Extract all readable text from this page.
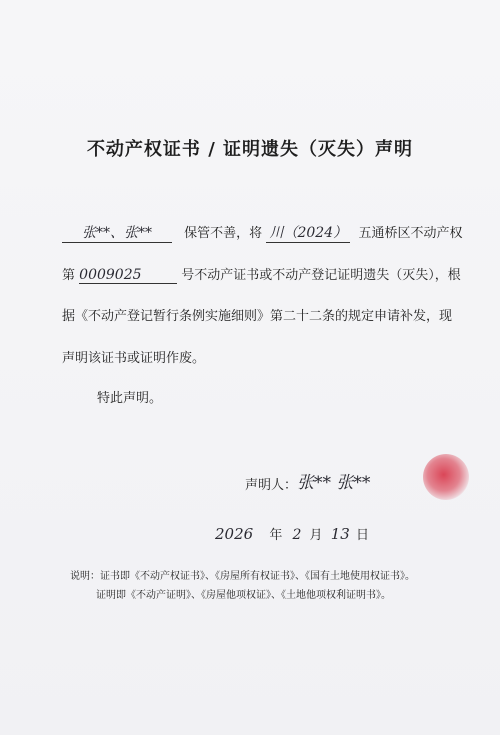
不动产权证书 / 证明遗失（灭失）声明
张**、张** 保管不善，将 川（2024） 五通桥区不动产权
第 0009025	号不动产证书或不动产登记证明遗失（灭失），根
据《不动产登记暂行条例实施细则》第二十二条的规定申请补发，现
声明该证书或证明作废。
特此声明。
声明人： 张** 张**
2026 年 2 月 13 日
说明：证书即《不动产权证书》、《房屋所有权证书》、《国有土地使用权证书》。
证明即《不动产证明》、《房屋他项权证》、《土地他项权利证明书》。
